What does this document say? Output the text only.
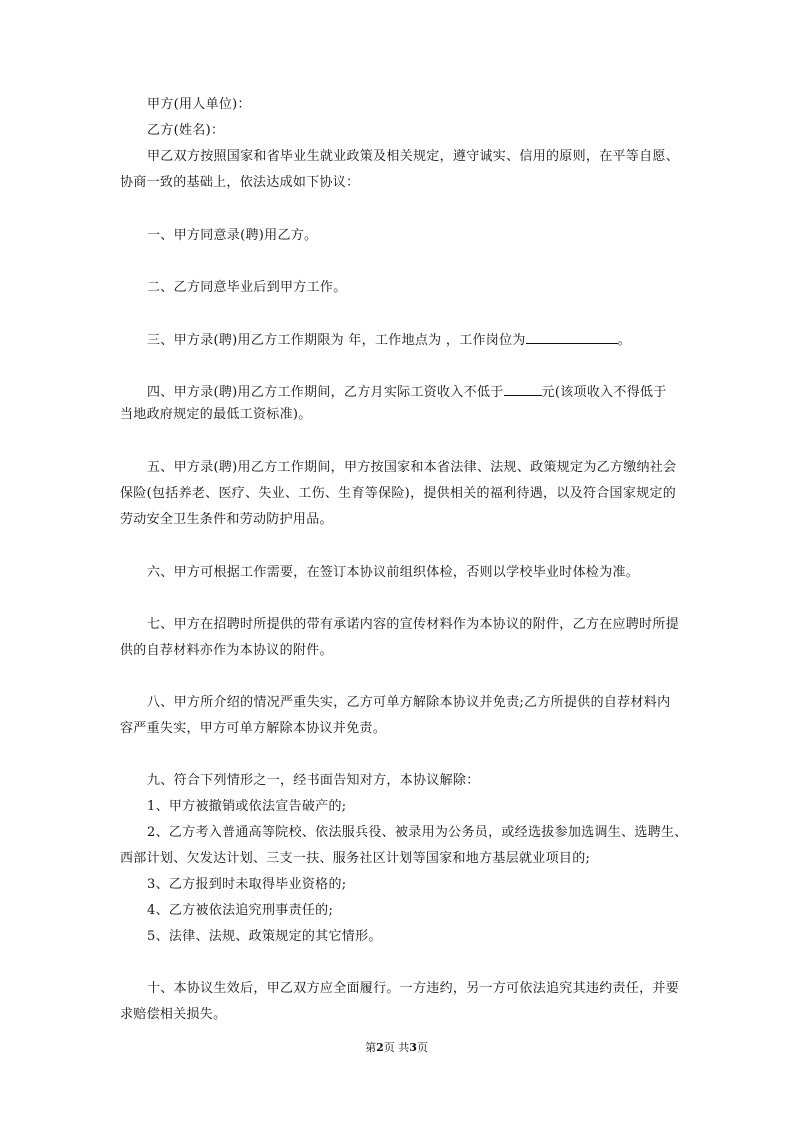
甲方(用人单位)：
乙方(姓名)：
甲乙双方按照国家和省毕业生就业政策及相关规定，遵守诚实、信用的原则，在平等自愿、
协商一致的基础上，依法达成如下协议：
一、甲方同意录(聘)用乙方。
二、乙方同意毕业后到甲方工作。
三、甲方录(聘)用乙方工作期限为 年，工作地点为 ，工作岗位为	。
四、甲方录(聘)用乙方工作期间，乙方月实际工资收入不低于	元(该项收入不得低于
当地政府规定的最低工资标准)。
五、甲方录(聘)用乙方工作期间，甲方按国家和本省法律、法规、政策规定为乙方缴纳社会
保险(包括养老、医疗、失业、工伤、生育等保险)，提供相关的福利待遇，以及符合国家规定的
劳动安全卫生条件和劳动防护用品。
六、甲方可根据工作需要，在签订本协议前组织体检，否则以学校毕业时体检为准。
七、甲方在招聘时所提供的带有承诺内容的宣传材料作为本协议的附件，乙方在应聘时所提
供的自荐材料亦作为本协议的附件。
八、甲方所介绍的情况严重失实，乙方可单方解除本协议并免责;乙方所提供的自荐材料内
容严重失实，甲方可单方解除本协议并免责。
九、符合下列情形之一，经书面告知对方，本协议解除：
1、甲方被撤销或依法宣告破产的;
2、乙方考入普通高等院校、依法服兵役、被录用为公务员，或经选拔参加选调生、选聘生、
西部计划、欠发达计划、三支一扶、服务社区计划等国家和地方基层就业项目的;
3、乙方报到时未取得毕业资格的;
4、乙方被依法追究刑事责任的;
5、法律、法规、政策规定的其它情形。
十、本协议生效后，甲乙双方应全面履行。一方违约，另一方可依法追究其违约责任，并要
求赔偿相关损失。
第2页 共3页
